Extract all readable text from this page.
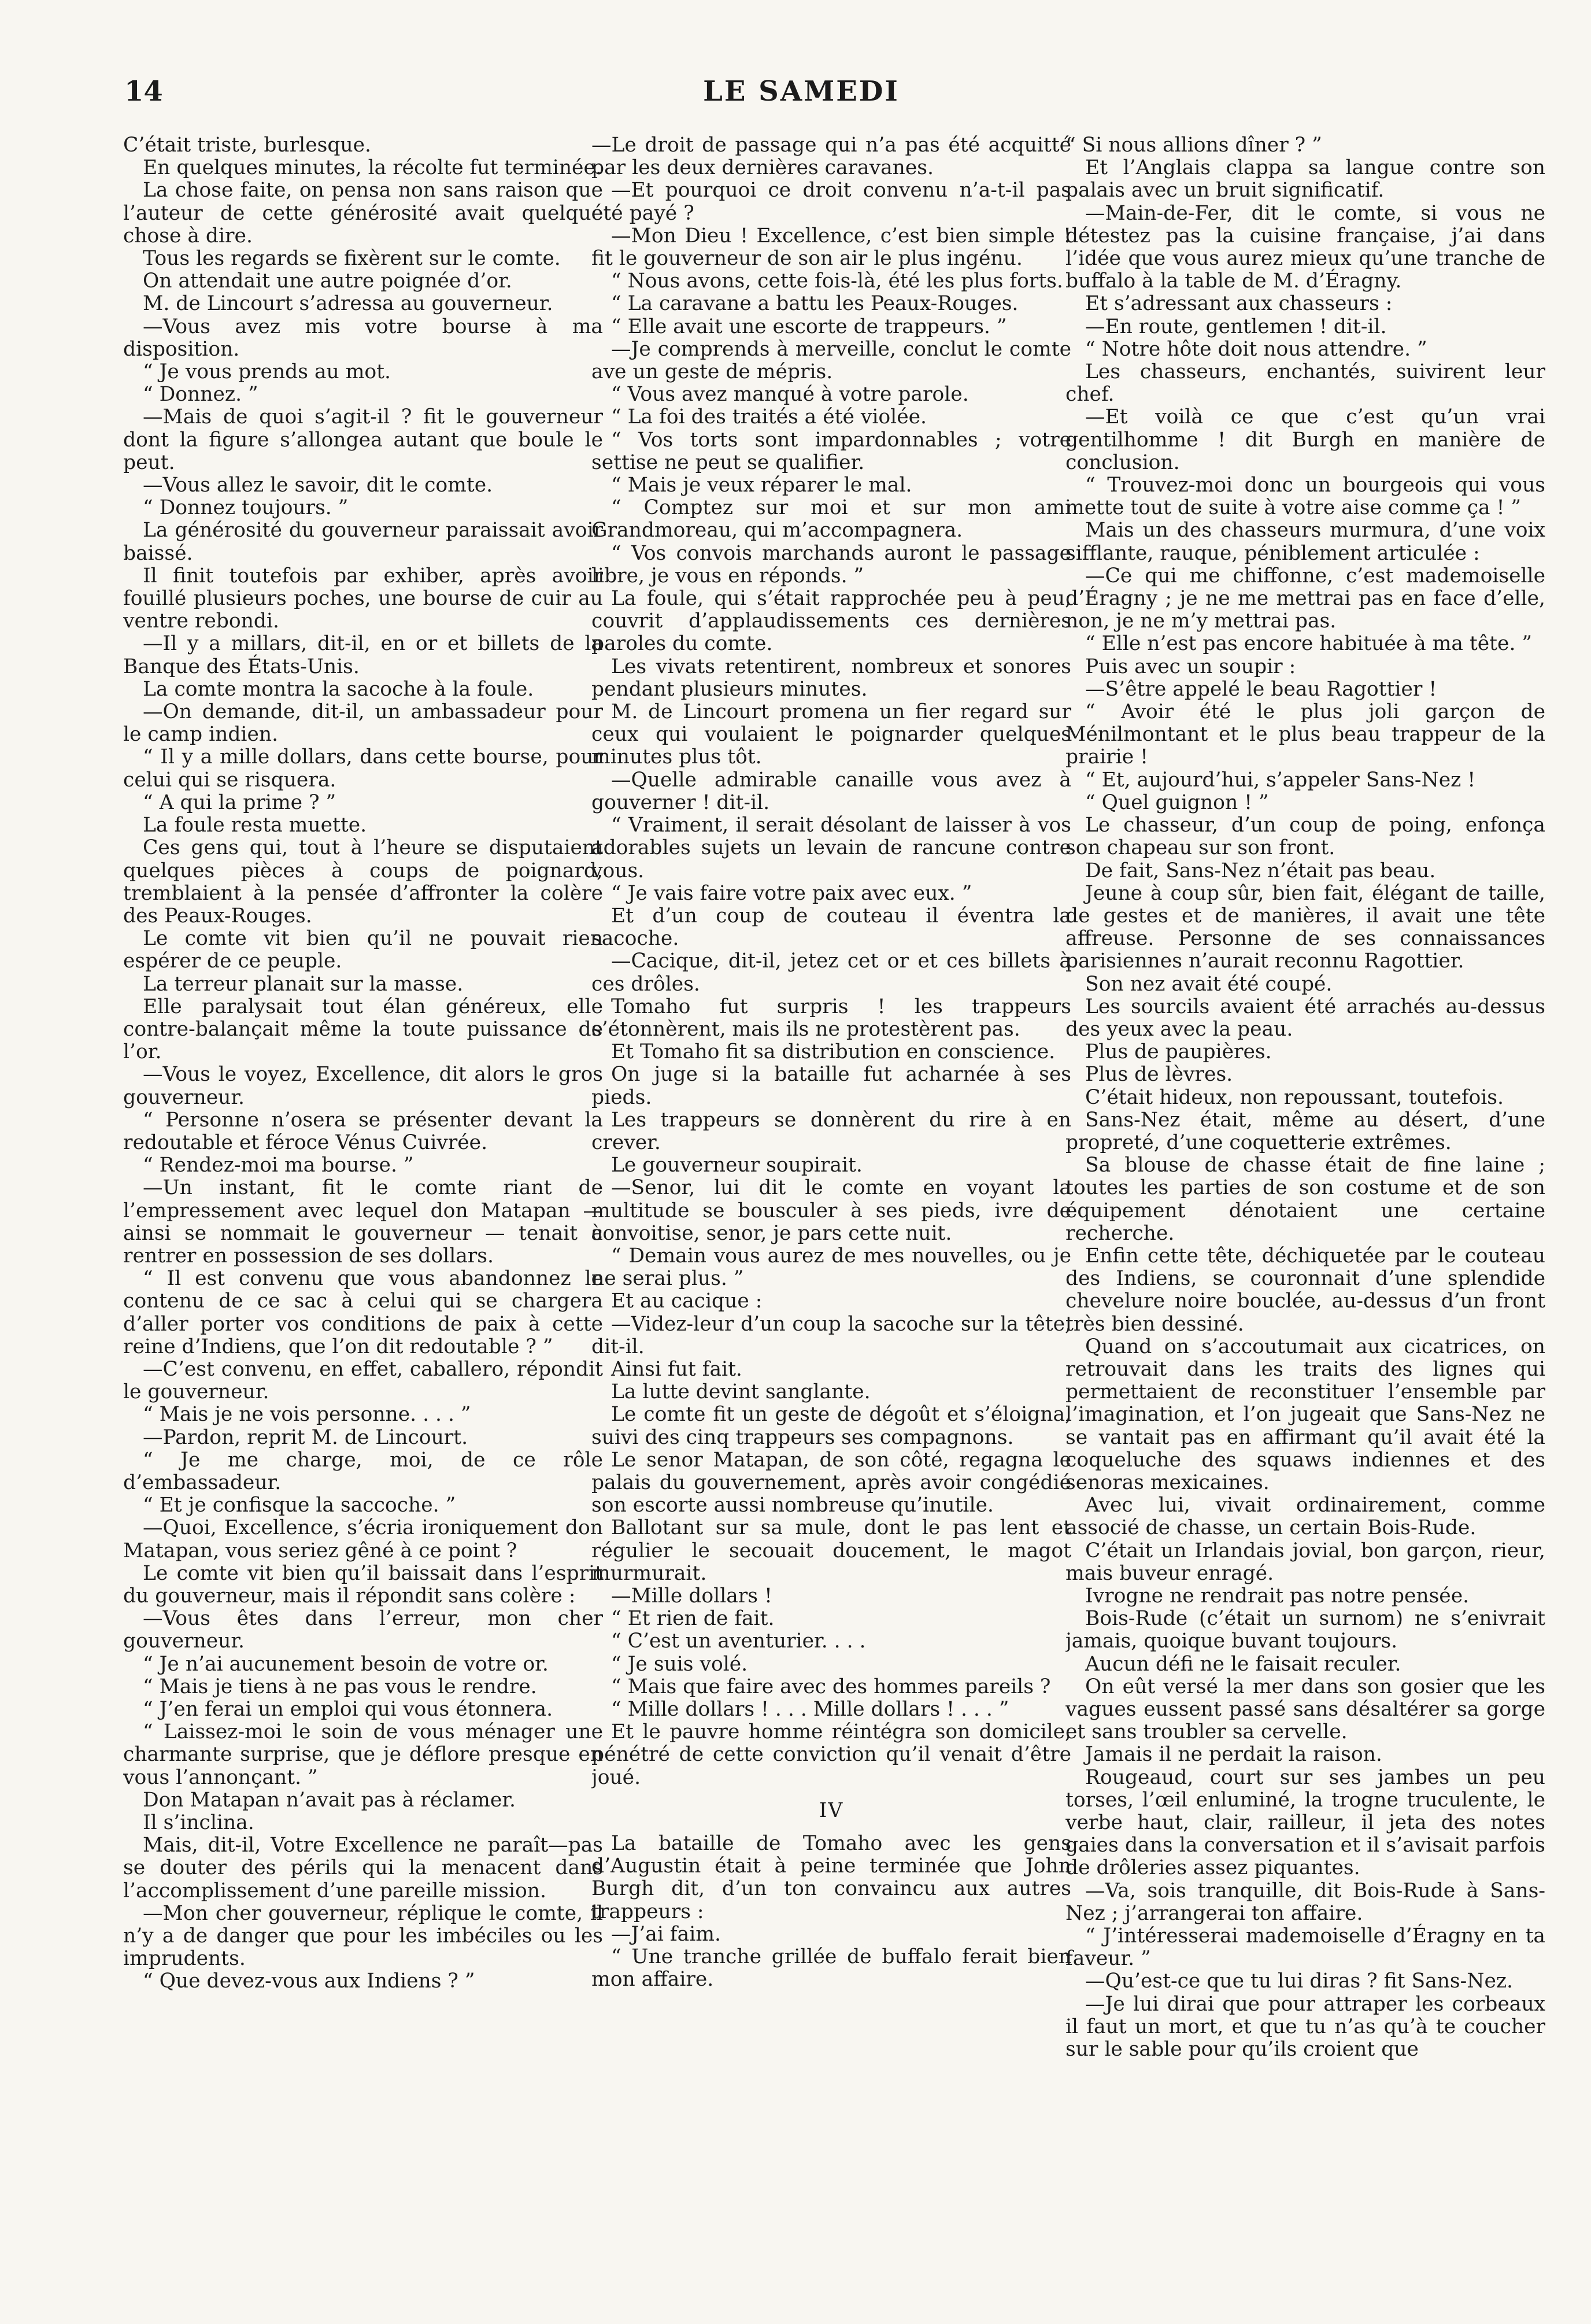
14	LE SAMEDI

C’était triste, burlesque.

En quelques minutes, la récolte fut terminée.

La chose faite, on pensa non sans raison que l’auteur de cette générosité avait quelque chose à dire.

Tous les regards se fixèrent sur le comte.

On attendait une autre poignée d’or.

M. de Lincourt s’adressa au gouverneur.

—Vous avez mis votre bourse à ma disposition.

“ Je vous prends au mot.

“ Donnez. ”

—Mais de quoi s’agit-il ? fit le gouverneur dont la figure s’allongea autant que boule le peut.

—Vous allez le savoir, dit le comte.

“ Donnez toujours. ”

La générosité du gouverneur paraissait avoir baissé.

Il finit toutefois par exhiber, après avoir fouillé plusieurs poches, une bourse de cuir au ventre rebondi.

—Il y a millars, dit-il, en or et billets de la Banque des États-Unis.

La comte montra la sacoche à la foule.

—On demande, dit-il, un ambassadeur pour le camp indien.

“ Il y a mille dollars, dans cette bourse, pour celui qui se risquera.

“ A qui la prime ? ”

La foule resta muette.

Ces gens qui, tout à l’heure se disputaient quelques pièces à coups de poignard, tremblaient à la pensée d’affronter la colère des Peaux-Rouges.

Le comte vit bien qu’il ne pouvait rien espérer de ce peuple.

La terreur planait sur la masse.

Elle paralysait tout élan généreux, elle contre-balançait même la toute puissance de l’or.

—Vous le voyez, Excellence, dit alors le gros gouverneur.

“ Personne n’osera se présenter devant la redoutable et féroce Vénus Cuivrée.

“ Rendez-moi ma bourse. ”

—Un instant, fit le comte riant de l’empressement avec lequel don Matapan — ainsi se nommait le gouverneur — tenait à rentrer en possession de ses dollars.

“ Il est convenu que vous abandonnez le contenu de ce sac à celui qui se chargera d’aller porter vos conditions de paix à cette reine d’Indiens, que l’on dit redoutable ? ”

—C’est convenu, en effet, caballero, répondit le gouverneur.

“ Mais je ne vois personne. . . . ”

—Pardon, reprit M. de Lincourt.

“ Je me charge, moi, de ce rôle d’embassadeur.

“ Et je confisque la saccoche. ”

—Quoi, Excellence, s’écria ironiquement don Matapan, vous seriez gêné à ce point ?

Le comte vit bien qu’il baissait dans l’esprit du gouverneur, mais il répondit sans colère :

—Vous êtes dans l’erreur, mon cher gouverneur.

“ Je n’ai aucunement besoin de votre or.

“ Mais je tiens à ne pas vous le rendre.

“ J’en ferai un emploi qui vous étonnera.

“ Laissez-moi le soin de vous ménager une charmante surprise, que je déflore presque en vous l’annonçant. ”

Don Matapan n’avait pas à réclamer.

Il s’inclina.

Mais, dit-il, Votre Excellence ne paraît—pas se douter des périls qui la menacent dans l’accomplissement d’une pareille mission.

—Mon cher gouverneur, réplique le comte, il n’y a de danger que pour les imbéciles ou les imprudents.

“ Que devez-vous aux Indiens ? ”

—Le droit de passage qui n’a pas été acquitté par les deux dernières caravanes.

—Et pourquoi ce droit convenu n’a-t-il pas été payé ?

—Mon Dieu ! Excellence, c’est bien simple ! fit le gouverneur de son air le plus ingénu.

“ Nous avons, cette fois-là, été les plus forts.

“ La caravane a battu les Peaux-Rouges.

“ Elle avait une escorte de trappeurs. ”

—Je comprends à merveille, conclut le comte ave un geste de mépris.

“ Vous avez manqué à votre parole.

“ La foi des traités a été violée.

“ Vos torts sont impardonnables ; votre settise ne peut se qualifier.

“ Mais je veux réparer le mal.

“ Comptez sur moi et sur mon ami Grandmoreau, qui m’accompagnera.

“ Vos convois marchands auront le passage libre, je vous en réponds. ”

La foule, qui s’était rapprochée peu à peu, couvrit d’applaudissements ces dernières paroles du comte.

Les vivats retentirent, nombreux et sonores pendant plusieurs minutes.

M. de Lincourt promena un fier regard sur ceux qui voulaient le poignarder quelques minutes plus tôt.

—Quelle admirable canaille vous avez à gouverner ! dit-il.

“ Vraiment, il serait désolant de laisser à vos adorables sujets un levain de rancune contre vous.

“ Je vais faire votre paix avec eux. ”

Et d’un coup de couteau il éventra la sacoche.

—Cacique, dit-il, jetez cet or et ces billets à ces drôles.

Tomaho fut surpris ! les trappeurs s’étonnèrent, mais ils ne protestèrent pas.

Et Tomaho fit sa distribution en conscience.

On juge si la bataille fut acharnée à ses pieds.

Les trappeurs se donnèrent du rire à en crever.

Le gouverneur soupirait.

—Senor, lui dit le comte en voyant la multitude se bousculer à ses pieds, ivre de convoitise, senor, je pars cette nuit.

“ Demain vous aurez de mes nouvelles, ou je ne serai plus. ”

Et au cacique :

—Videz-leur d’un coup la sacoche sur la tête, dit-il.

Ainsi fut fait.

La lutte devint sanglante.

Le comte fit un geste de dégoût et s’éloigna, suivi des cinq trappeurs ses compagnons.

Le senor Matapan, de son côté, regagna le palais du gouvernement, après avoir congédié son escorte aussi nombreuse qu’inutile.

Ballotant sur sa mule, dont le pas lent et régulier le secouait doucement, le magot murmurait.

—Mille dollars !

“ Et rien de fait.

“ C’est un aventurier. . . .

“ Je suis volé.

“ Mais que faire avec des hommes pareils ?

“ Mille dollars ! . . . Mille dollars ! . . . ”

Et le pauvre homme réintégra son domicile, pénétré de cette conviction qu’il venait d’être joué.

IV

La bataille de Tomaho avec les gens d’Augustin était à peine terminée que John Burgh dit, d’un ton convaincu aux autres trappeurs :

—J’ai faim.

“ Une tranche grillée de buffalo ferait bien mon affaire.

“ Si nous allions dîner ? ”

Et l’Anglais clappa sa langue contre son palais avec un bruit significatif.

—Main-de-Fer, dit le comte, si vous ne détestez pas la cuisine française, j’ai dans l’idée que vous aurez mieux qu’une tranche de buffalo à la table de M. d’Éragny.

Et s’adressant aux chasseurs :

—En route, gentlemen ! dit-il.

“ Notre hôte doit nous attendre. ”

Les chasseurs, enchantés, suivirent leur chef.

—Et voilà ce que c’est qu’un vrai gentilhomme ! dit Burgh en manière de conclusion.

“ Trouvez-moi donc un bourgeois qui vous mette tout de suite à votre aise comme ça ! ”

Mais un des chasseurs murmura, d’une voix sifflante, rauque, péniblement articulée :

—Ce qui me chiffonne, c’est mademoiselle d’Éragny ; je ne me mettrai pas en face d’elle, non, je ne m’y mettrai pas.

“ Elle n’est pas encore habituée à ma tête. ”

Puis avec un soupir :

—S’être appelé le beau Ragottier !

“ Avoir été le plus joli garçon de Ménilmontant et le plus beau trappeur de la prairie !

“ Et, aujourd’hui, s’appeler Sans-Nez !

“ Quel guignon ! ”

Le chasseur, d’un coup de poing, enfonça son chapeau sur son front.

De fait, Sans-Nez n’était pas beau.

Jeune à coup sûr, bien fait, élégant de taille, de gestes et de manières, il avait une tête affreuse. Personne de ses connaissances parisiennes n’aurait reconnu Ragottier.

Son nez avait été coupé.

Les sourcils avaient été arrachés au-dessus des yeux avec la peau.

Plus de paupières.

Plus de lèvres.

C’était hideux, non repoussant, toutefois.

Sans-Nez était, même au désert, d’une propreté, d’une coquetterie extrêmes.

Sa blouse de chasse était de fine laine ; toutes les parties de son costume et de son équipement dénotaient une certaine recherche.

Enfin cette tête, déchiquetée par le couteau des Indiens, se couronnait d’une splendide chevelure noire bouclée, au-dessus d’un front très bien dessiné.

Quand on s’accoutumait aux cicatrices, on retrouvait dans les traits des lignes qui permettaient de reconstituer l’ensemble par l’imagination, et l’on jugeait que Sans-Nez ne se vantait pas en affirmant qu’il avait été la coqueluche des squaws indiennes et des senoras mexicaines.

Avec lui, vivait ordinairement, comme associé de chasse, un certain Bois-Rude.

C’était un Irlandais jovial, bon garçon, rieur, mais buveur enragé.

Ivrogne ne rendrait pas notre pensée.

Bois-Rude (c’était un surnom) ne s’enivrait jamais, quoique buvant toujours.

Aucun défi ne le faisait reculer.

On eût versé la mer dans son gosier que les vagues eussent passé sans désaltérer sa gorge et sans troubler sa cervelle.

Jamais il ne perdait la raison.

Rougeaud, court sur ses jambes un peu torses, l’œil enluminé, la trogne truculente, le verbe haut, clair, railleur, il jeta des notes gaies dans la conversation et il s’avisait parfois de drôleries assez piquantes.

—Va, sois tranquille, dit Bois-Rude à Sans-Nez ; j’arrangerai ton affaire.

“ J’intéresserai mademoiselle d’Éragny en ta faveur. ”

—Qu’est-ce que tu lui diras ? fit Sans-Nez.

—Je lui dirai que pour attraper les corbeaux il faut un mort, et que tu n’as qu’à te coucher sur le sable pour qu’ils croient que
